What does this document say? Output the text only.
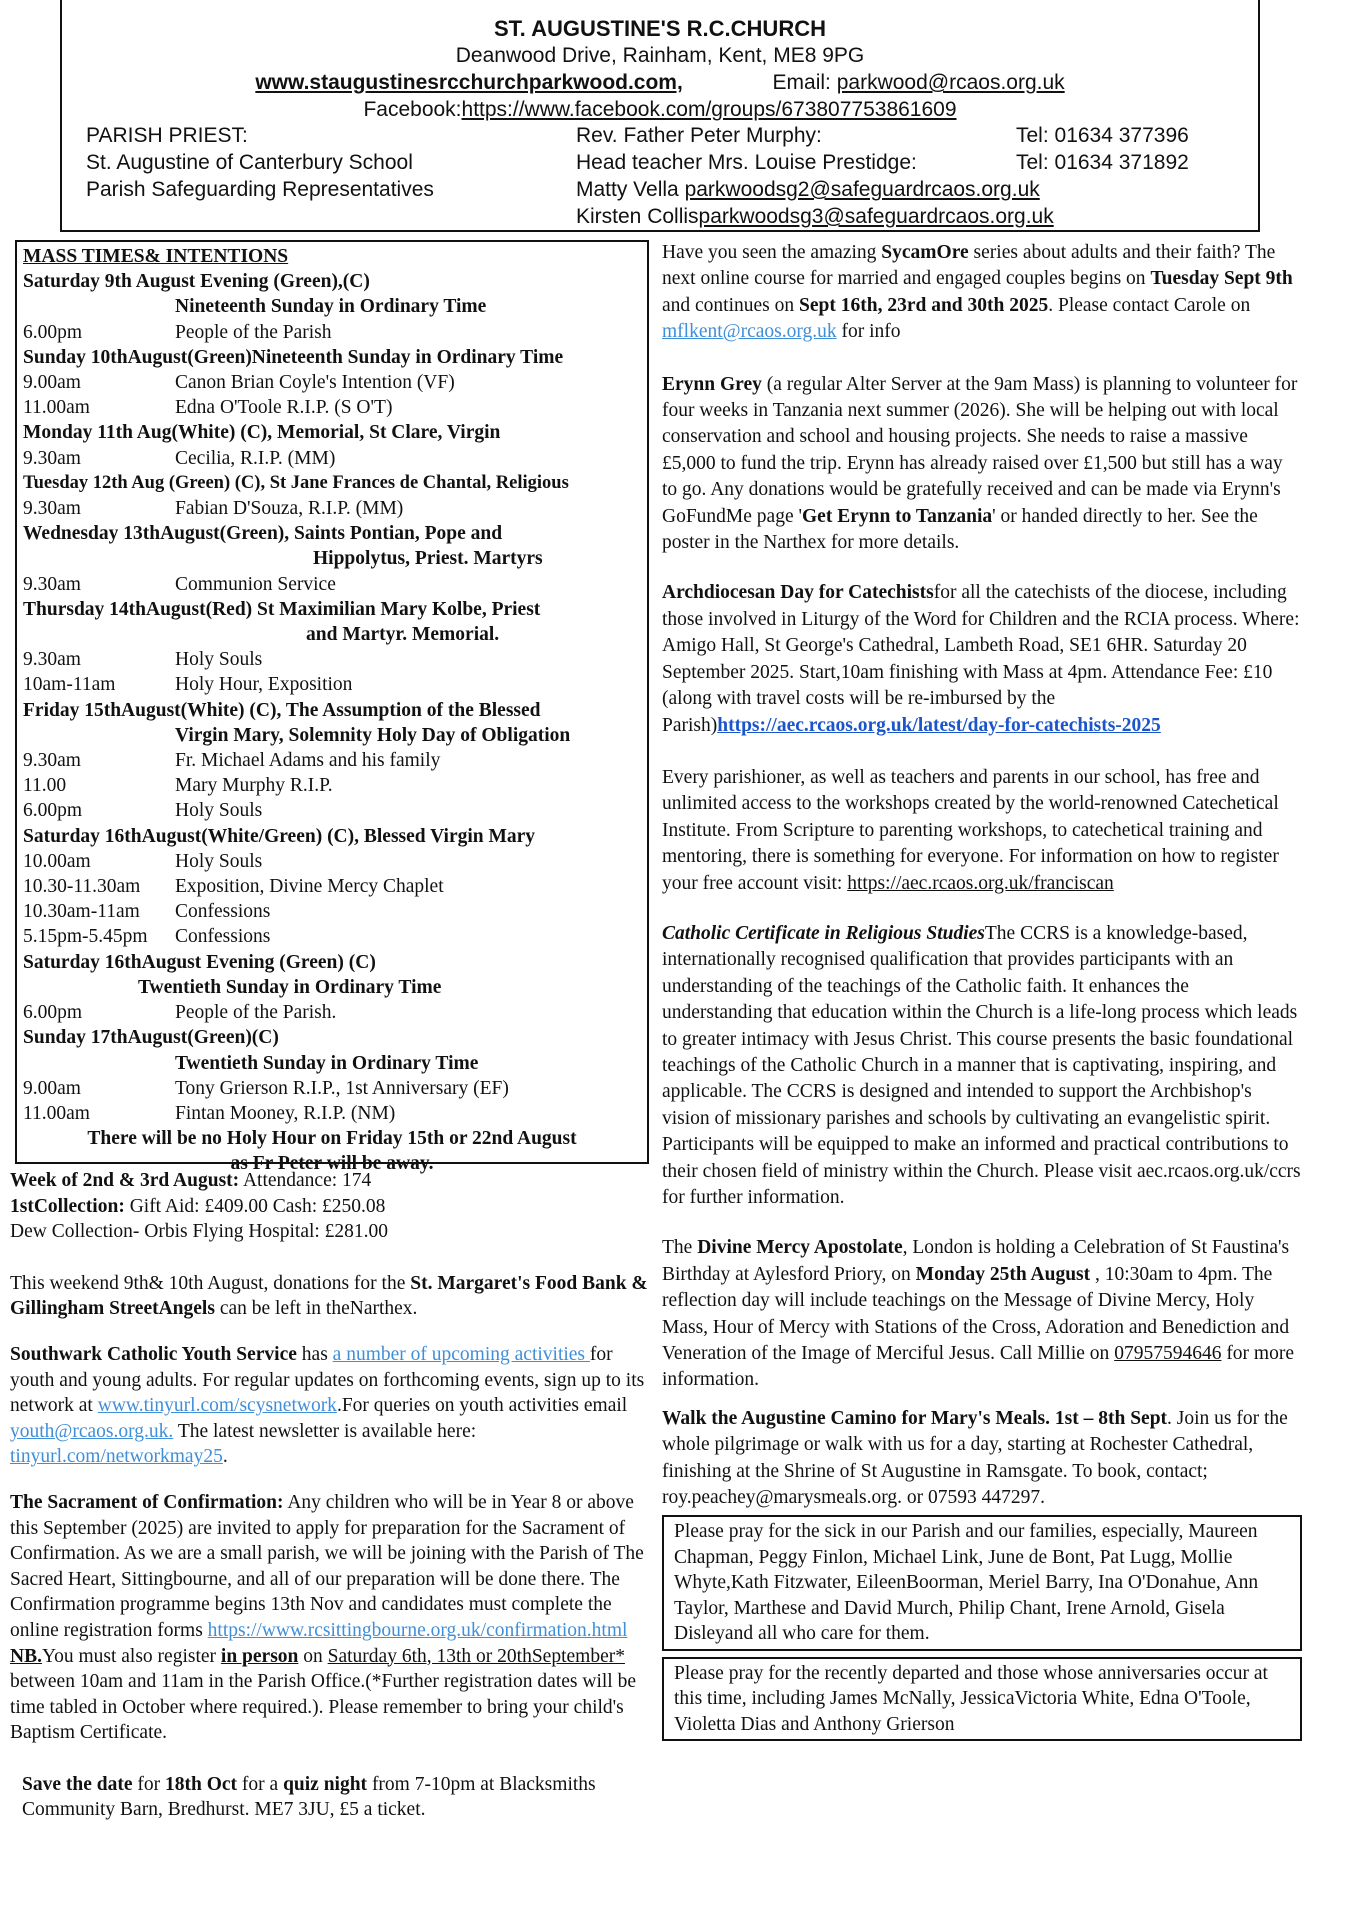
ST. AUGUSTINE'S R.C.CHURCH
Deanwood Drive, Rainham, Kent, ME8 9PG
www.staugustinesrcchurchparkwood.com,	Email: parkwood@rcaos.org.uk
Facebook:https://www.facebook.com/groups/673807753861609
PARISH PRIEST:	Rev. Father Peter Murphy:	Tel: 01634 377396
St. Augustine of Canterbury School	Head teacher Mrs. Louise Prestidge:	Tel: 01634 371892
Parish Safeguarding Representatives	Matty Vella parkwoodsg2@safeguardrcaos.org.uk
Kirsten Collisparkwoodsg3@safeguardrcaos.org.uk
MASS TIMES& INTENTIONS
Saturday 9th August Evening (Green),(C)
Nineteenth Sunday in Ordinary Time
6.00pm	People of the Parish
Sunday 10thAugust(Green)Nineteenth Sunday in Ordinary Time
9.00am	Canon Brian Coyle's Intention (VF)
11.00am	Edna O'Toole R.I.P. (S O'T)
Monday 11th Aug(White) (C), Memorial, St Clare, Virgin
9.30am	Cecilia, R.I.P. (MM)
Tuesday 12th Aug (Green) (C), St Jane Frances de Chantal, Religious
9.30am	Fabian D'Souza, R.I.P. (MM)
Wednesday 13thAugust(Green), Saints Pontian, Pope and
Hippolytus, Priest. Martyrs
9.30am	Communion Service
Thursday 14thAugust(Red) St Maximilian Mary Kolbe, Priest
and Martyr. Memorial.
9.30am	Holy Souls
10am-11am	Holy Hour, Exposition
Friday 15thAugust(White) (C), The Assumption of the Blessed
Virgin Mary, Solemnity Holy Day of Obligation
9.30am	Fr. Michael Adams and his family
11.00	Mary Murphy R.I.P.
6.00pm	Holy Souls
Saturday 16thAugust(White/Green) (C), Blessed Virgin Mary
10.00am	Holy Souls
10.30-11.30am	Exposition, Divine Mercy Chaplet
10.30am-11am	Confessions
5.15pm-5.45pm	Confessions
Saturday 16thAugust Evening (Green) (C)
Twentieth Sunday in Ordinary Time
6.00pm	People of the Parish.
Sunday 17thAugust(Green)(C)
Twentieth Sunday in Ordinary Time
9.00am	Tony Grierson R.I.P., 1st Anniversary (EF)
11.00am	Fintan Mooney, R.I.P. (NM)
There will be no Holy Hour on Friday 15th or 22nd August
as Fr Peter will be away.

Week of 2nd & 3rd August: Attendance: 174

1stCollection: Gift Aid: £409.00 Cash: £250.08

Dew Collection- Orbis Flying Hospital: £281.00

This weekend 9th& 10th August, donations for the St. Margaret's Food Bank & Gillingham StreetAngels can be left in theNarthex.

Southwark Catholic Youth Service has a number of upcoming activities for youth and young adults. For regular updates on forthcoming events, sign up to its network at www.tinyurl.com/scysnetwork.For queries on youth activities email youth@rcaos.org.uk. The latest newsletter is available here: tinyurl.com/networkmay25.

The Sacrament of Confirmation: Any children who will be in Year 8 or above this September (2025) are invited to apply for preparation for the Sacrament of Confirmation. As we are a small parish, we will be joining with the Parish of The Sacred Heart, Sittingbourne, and all of our preparation will be done there. The Confirmation programme begins 13th Nov and candidates must complete the online registration forms https://www.rcsittingbourne.org.uk/confirmation.html

NB.You must also register in person on Saturday 6th, 13th or 20thSeptember* between 10am and 11am in the Parish Office.(*Further registration dates will be time tabled in October where required.). Please remember to bring your child's Baptism Certificate.

Save the date for 18th Oct for a quiz night from 7-10pm at Blacksmiths Community Barn, Bredhurst. ME7 3JU, £5 a ticket.

Have you seen the amazing SycamOre series about adults and their faith? The next online course for married and engaged couples begins on Tuesday Sept 9th and continues on Sept 16th, 23rd and 30th 2025. Please contact Carole on mflkent@rcaos.org.uk for info

Erynn Grey (a regular Alter Server at the 9am Mass) is planning to volunteer for four weeks in Tanzania next summer (2026). She will be helping out with local conservation and school and housing projects. She needs to raise a massive £5,000 to fund the trip. Erynn has already raised over £1,500 but still has a way to go. Any donations would be gratefully received and can be made via Erynn's GoFundMe page 'Get Erynn to Tanzania' or handed directly to her. See the poster in the Narthex for more details.

Archdiocesan Day for Catechistsfor all the catechists of the diocese, including those involved in Liturgy of the Word for Children and the RCIA process. Where: Amigo Hall, St George's Cathedral, Lambeth Road, SE1 6HR. Saturday 20 September 2025. Start,10am finishing with Mass at 4pm. Attendance Fee: £10 (along with travel costs will be re-imbursed by the Parish)https://aec.rcaos.org.uk/latest/day-for-catechists-2025

Every parishioner, as well as teachers and parents in our school, has free and unlimited access to the workshops created by the world-renowned Catechetical Institute. From Scripture to parenting workshops, to catechetical training and mentoring, there is something for everyone. For information on how to register your free account visit: https://aec.rcaos.org.uk/franciscan

Catholic Certificate in Religious StudiesThe CCRS is a knowledge-based, internationally recognised qualification that provides participants with an understanding of the teachings of the Catholic faith. It enhances the understanding that education within the Church is a life-long process which leads to greater intimacy with Jesus Christ. This course presents the basic foundational teachings of the Catholic Church in a manner that is captivating, inspiring, and applicable. The CCRS is designed and intended to support the Archbishop's vision of missionary parishes and schools by cultivating an evangelistic spirit. Participants will be equipped to make an informed and practical contributions to their chosen field of ministry within the Church. Please visit aec.rcaos.org.uk/ccrs for further information.

The Divine Mercy Apostolate, London is holding a Celebration of St Faustina's Birthday at Aylesford Priory, on Monday 25th August , 10:30am to 4pm. The reflection day will include teachings on the Message of Divine Mercy, Holy Mass, Hour of Mercy with Stations of the Cross, Adoration and Benediction and Veneration of the Image of Merciful Jesus. Call Millie on 07957594646 for more information.

Walk the Augustine Camino for Mary's Meals. 1st – 8th Sept. Join us for the whole pilgrimage or walk with us for a day, starting at Rochester Cathedral, finishing at the Shrine of St Augustine in Ramsgate. To book, contact; roy.peachey@marysmeals.org. or 07593 447297.

Please pray for the sick in our Parish and our families, especially, Maureen Chapman, Peggy Finlon, Michael Link, June de Bont, Pat Lugg, Mollie Whyte,Kath Fitzwater, EileenBoorman, Meriel Barry, Ina O'Donahue, Ann Taylor, Marthese and David Murch, Philip Chant, Irene Arnold, Gisela Disleyand all who care for them.
Please pray for the recently departed and those whose anniversaries occur at this time, including James McNally, JessicaVictoria White, Edna O'Toole, Violetta Dias and Anthony Grierson
